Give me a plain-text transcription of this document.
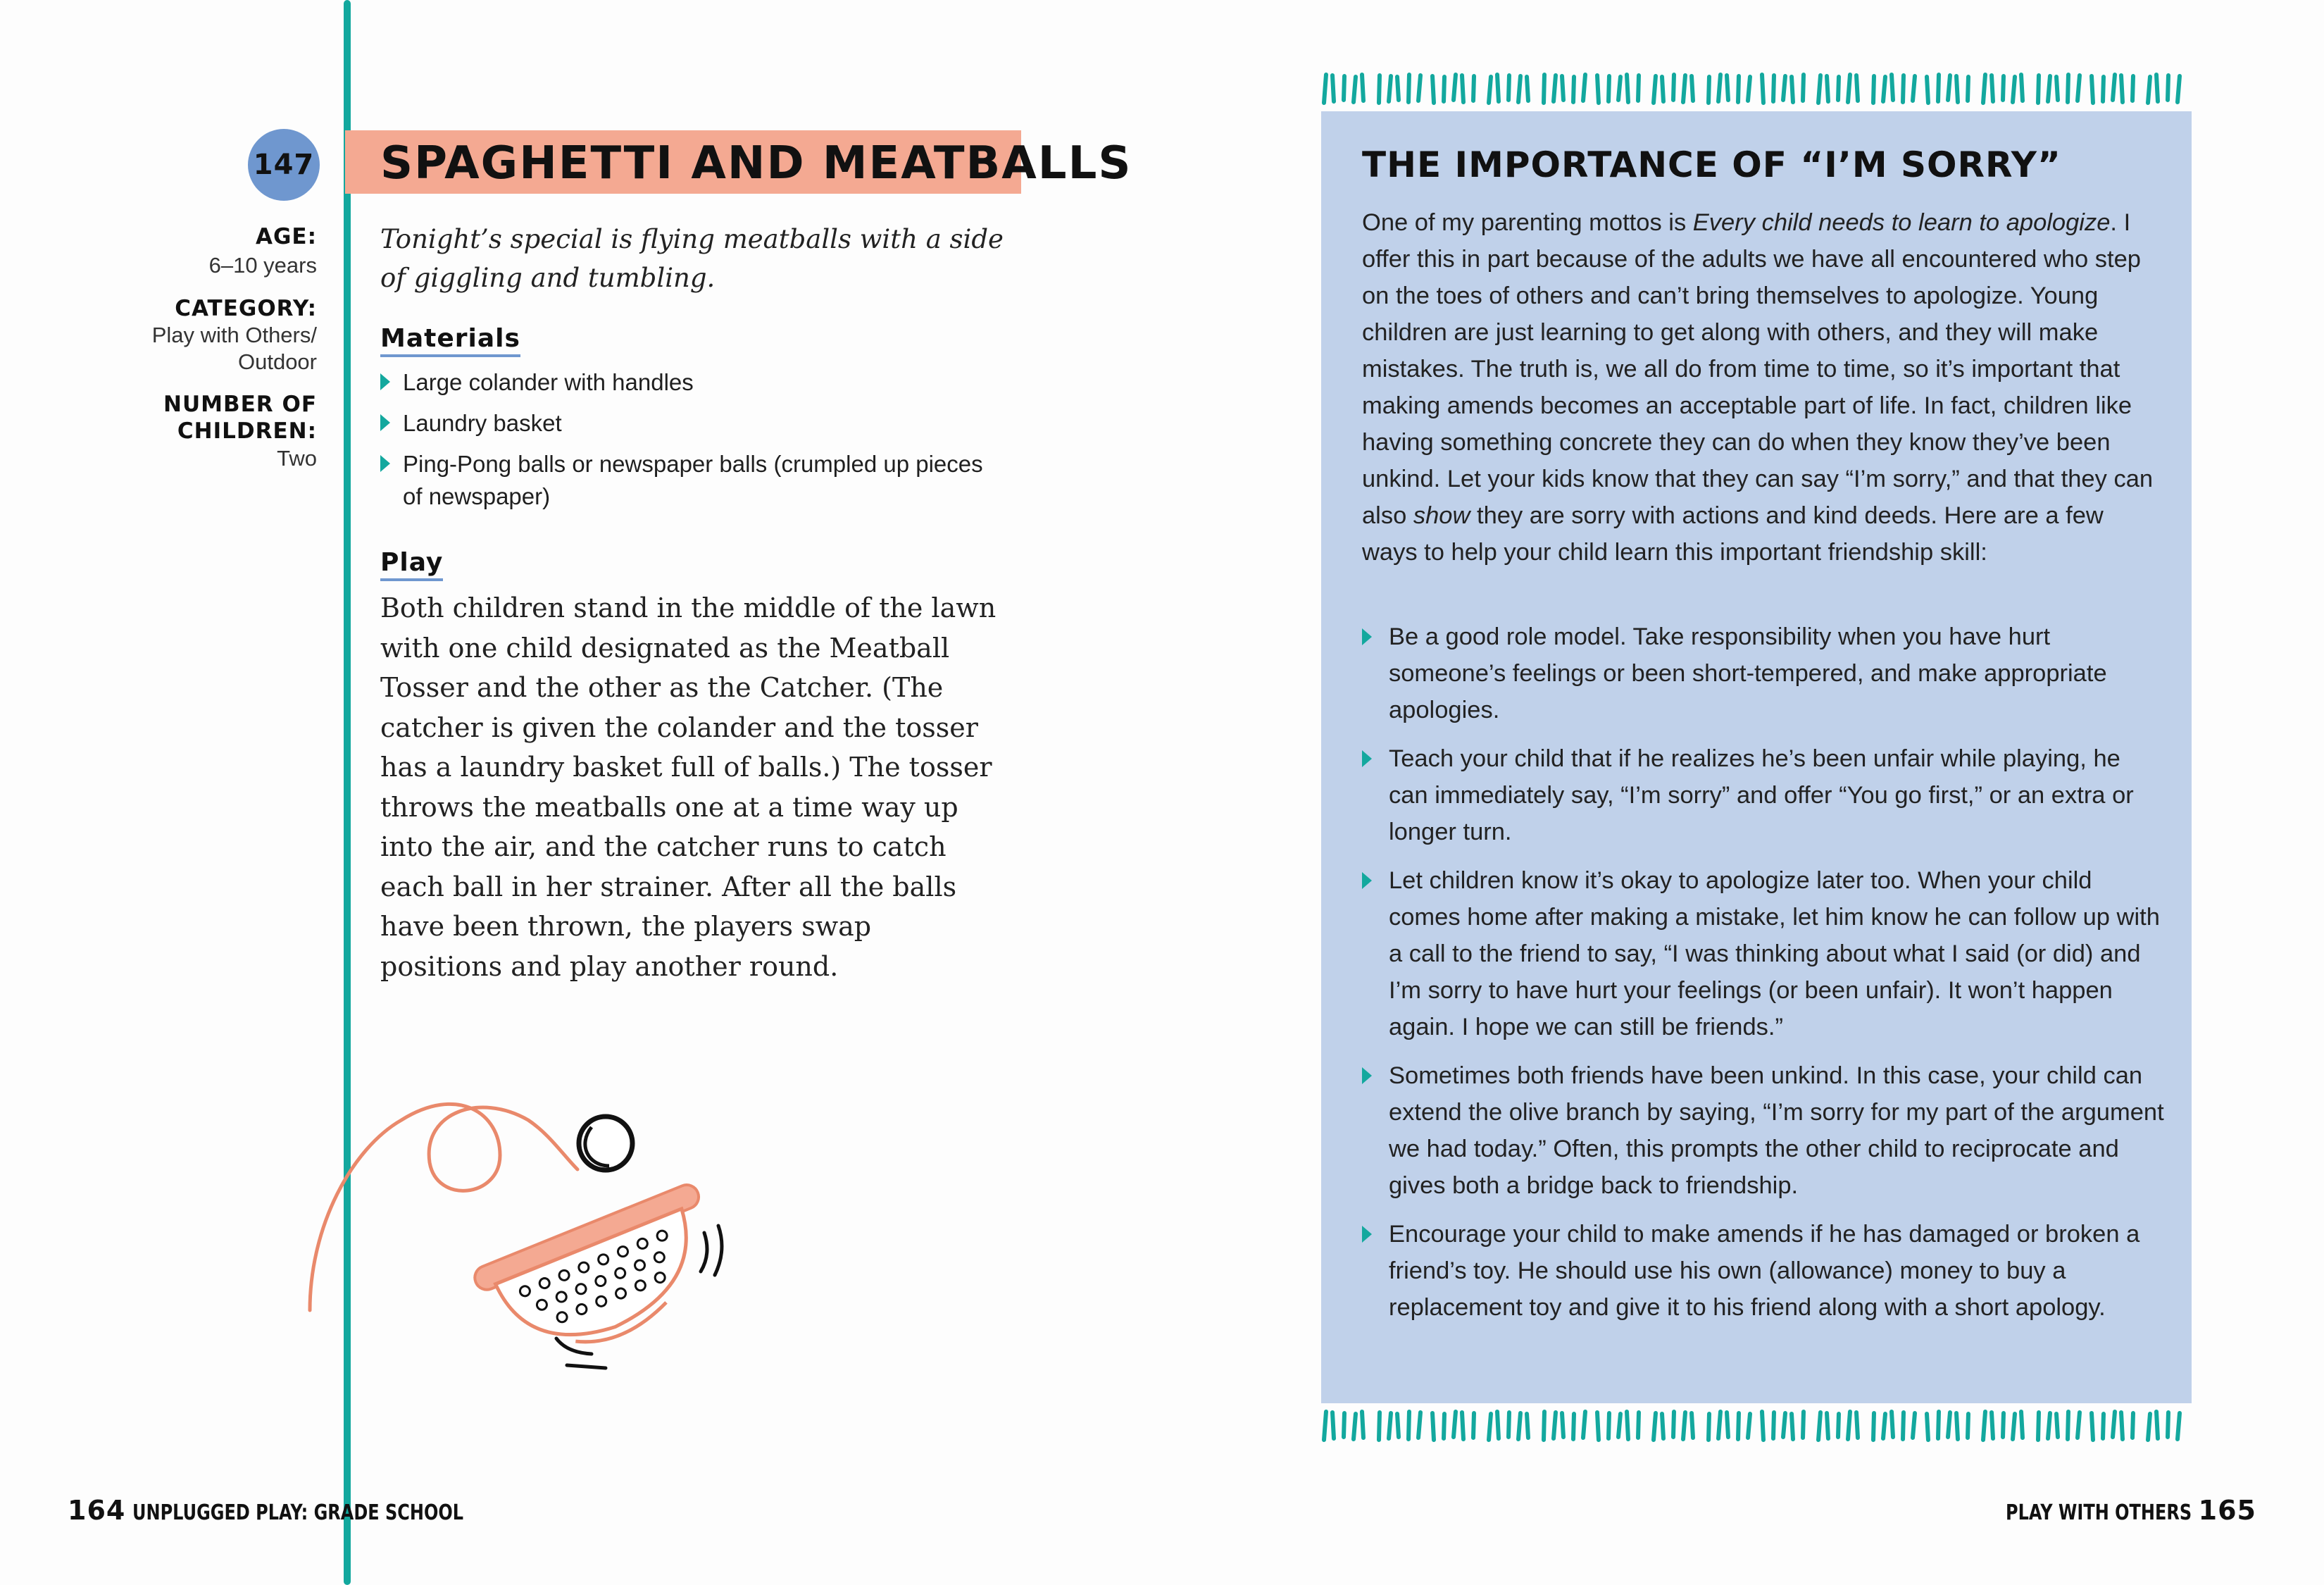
147 SPAGHETTI AND MEATBALLS
AGE:
6–10 years
CATEGORY:
Play with Others/
Outdoor
NUMBER OF
CHILDREN:
Two
Tonight’s special is flying meatballs with a side of giggling and tumbling.
Materials
Large colander with handles
Laundry basket
Ping-Pong balls or newspaper balls (crumpled up pieces of newspaper)
Play
Both children stand in the middle of the lawn with one child designated as the Meatball Tosser and the other as the Catcher. (The catcher is given the colander and the tosser has a laundry basket full of balls.) The tosser throws the meatballs one at a time way up into the air, and the catcher runs to catch each ball in her strainer. After all the balls have been thrown, the players swap positions and play another round.
THE IMPORTANCE OF “I’M SORRY”
One of my parenting mottos is Every child needs to learn to apologize. I offer this in part because of the adults we have all encountered who step on the toes of others and can’t bring themselves to apologize. Young children are just learning to get along with others, and they will make mistakes. The truth is, we all do from time to time, so it’s important that making amends becomes an acceptable part of life. In fact, children like having something concrete they can do when they know they’ve been unkind. Let your kids know that they can say “I’m sorry,” and that they can also show they are sorry with actions and kind deeds. Here are a few ways to help your child learn this important friendship skill:
Be a good role model. Take responsibility when you have hurt someone’s feelings or been short-tempered, and make appropriate apologies.
Teach your child that if he realizes he’s been unfair while playing, he can immediately say, “I’m sorry” and offer “You go first,” or an extra or longer turn.
Let children know it’s okay to apologize later too. When your child comes home after making a mistake, let him know he can follow up with a call to the friend to say, “I was thinking about what I said (or did) and I’m sorry to have hurt your feelings (or been unfair). It won’t happen again. I hope we can still be friends.”
Sometimes both friends have been unkind. In this case, your child can extend the olive branch by saying, “I’m sorry for my part of the argument we had today.” Often, this prompts the other child to reciprocate and gives both a bridge back to friendship.
Encourage your child to make amends if he has damaged or broken a friend’s toy. He should use his own (allowance) money to buy a replacement toy and give it to his friend along with a short apology.
164 UNPLUGGED PLAY: GRADE SCHOOL	PLAY WITH OTHERS 165
